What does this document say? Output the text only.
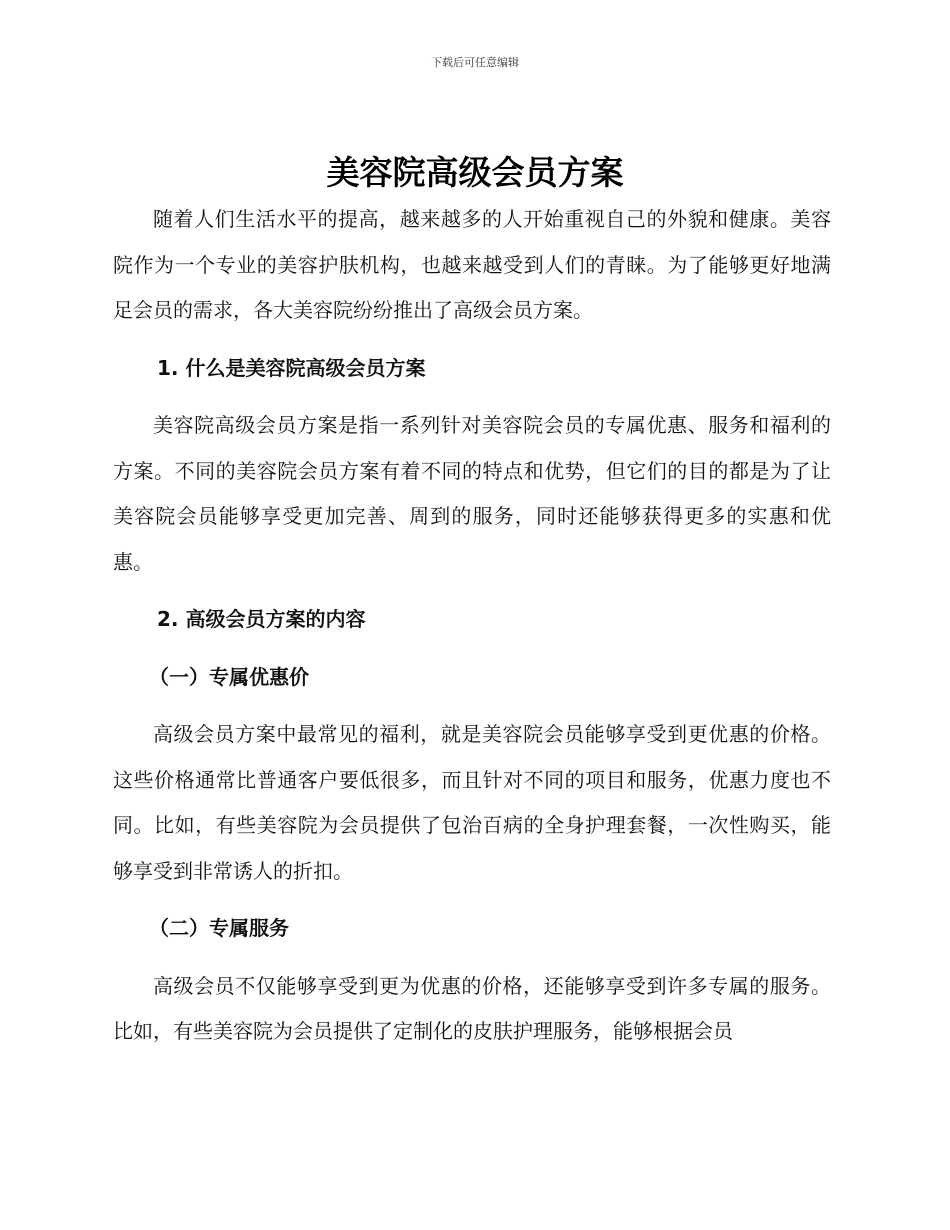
下载后可任意编辑
美容院高级会员方案

随着人们生活水平的提高，越来越多的人开始重视自己的外貌和健康。美容院作为一个专业的美容护肤机构，也越来越受到人们的青睐。为了能够更好地满足会员的需求，各大美容院纷纷推出了高级会员方案。

1. 什么是美容院高级会员方案

美容院高级会员方案是指一系列针对美容院会员的专属优惠、服务和福利的方案。不同的美容院会员方案有着不同的特点和优势，但它们的目的都是为了让美容院会员能够享受更加完善、周到的服务，同时还能够获得更多的实惠和优惠。

2. 高级会员方案的内容

（一）专属优惠价

高级会员方案中最常见的福利，就是美容院会员能够享受到更优惠的价格。这些价格通常比普通客户要低很多，而且针对不同的项目和服务，优惠力度也不同。比如，有些美容院为会员提供了包治百病的全身护理套餐，一次性购买，能够享受到非常诱人的折扣。

（二）专属服务

高级会员不仅能够享受到更为优惠的价格，还能够享受到许多专属的服务。比如，有些美容院为会员提供了定制化的皮肤护理服务，能够根据会员
